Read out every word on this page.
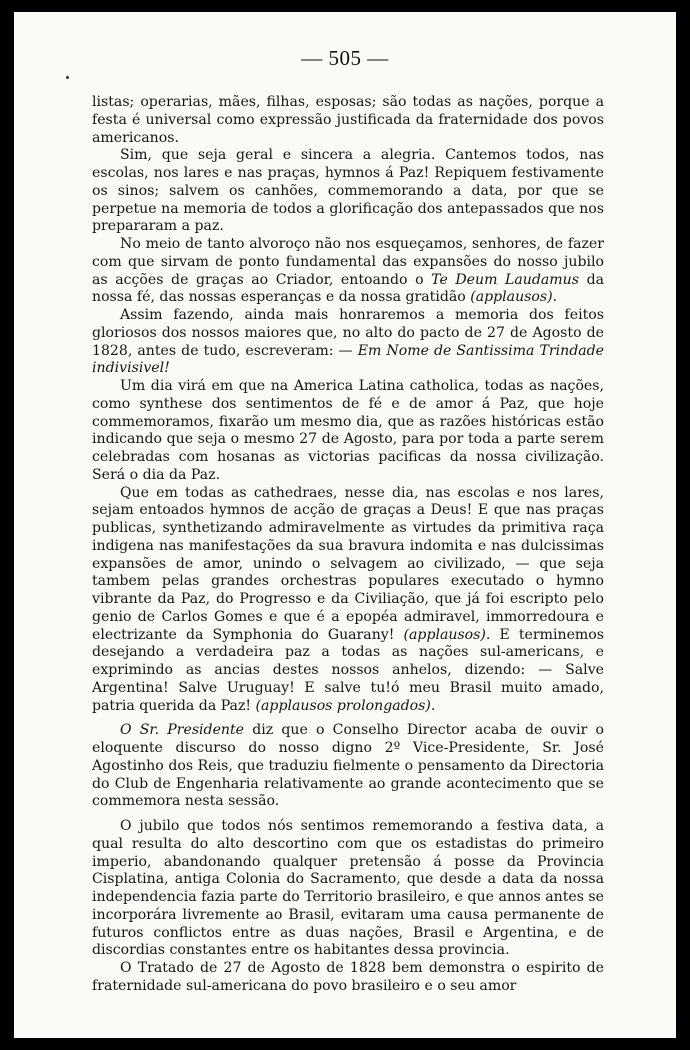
— 505 —

listas; operarias, mães, filhas, esposas; são todas as nações, porque a festa é universal como expressão justificada da fraternidade dos povos americanos.

Sim, que seja geral e sincera a alegria. Cantemos todos, nas escolas, nos lares e nas praças, hymnos á Paz! Repiquem festivamente os sinos; salvem os canhões, commemorando a data, por que se perpetue na memoria de todos a glorificação dos antepassados que nos prepararam a paz.

No meio de tanto alvoroço não nos esqueçamos, senhores, de fazer com que sirvam de ponto fundamental das expansões do nosso jubilo as acções de graças ao Criador, entoando o Te Deum Laudamus da nossa fé, das nossas esperanças e da nossa gratidão (applausos).

Assim fazendo, ainda mais honraremos a memoria dos feitos gloriosos dos nossos maiores que, no alto do pacto de 27 de Agosto de 1828, antes de tudo, escreveram: — Em Nome de Santissima Trindade indivisivel!

Um dia virá em que na America Latina catholica, todas as nações, como synthese dos sentimentos de fé e de amor á Paz, que hoje commemoramos, fixarão um mesmo dia, que as razões históricas estão indicando que seja o mesmo 27 de Agosto, para por toda a parte serem celebradas com hosanas as victorias pacificas da nossa civilização. Será o dia da Paz.

Que em todas as cathedraes, nesse dia, nas escolas e nos lares, sejam entoados hymnos de acção de graças a Deus! E que nas praças publicas, synthetizando admiravelmente as virtudes da primitiva raça indigena nas manifestações da sua bravura indomita e nas dulcissimas expansões de amor, unindo o selvagem ao civilizado, — que seja tambem pelas grandes orchestras populares executado o hymno vibrante da Paz, do Progresso e da Civiliação, que já foi escripto pelo genio de Carlos Gomes e que é a epopéa admiravel, immorredoura e electrizante da Symphonia do Guarany! (applausos). E terminemos desejando a verdadeira paz a todas as nações sul-americans, e exprimindo as ancias destes nossos anhelos, dizendo: — Salve Argentina! Salve Uruguay! E salve tu!ó meu Brasil muito amado, patria querida da Paz! (applausos prolongados).

O Sr. Presidente diz que o Conselho Director acaba de ouvir o eloquente discurso do nosso digno 2º Vice-Presidente, Sr. José Agostinho dos Reis, que traduziu fielmente o pensamento da Directoria do Club de Engenharia relativamente ao grande acontecimento que se commemora nesta sessão.

O jubilo que todos nós sentimos rememorando a festiva data, a qual resulta do alto descortino com que os estadistas do primeiro imperio, abandonando qualquer pretensão á posse da Provincia Cisplatina, antiga Colonia do Sacramento, que desde a data da nossa independencia fazia parte do Territorio brasileiro, e que annos antes se incorporára livremente ao Brasil, evitaram uma causa permanente de futuros conflictos entre as duas nações, Brasil e Argentina, e de discordias constantes entre os habitantes dessa provincia.

O Tratado de 27 de Agosto de 1828 bem demonstra o espirito de fraternidade sul-americana do povo brasileiro e o seu amor
